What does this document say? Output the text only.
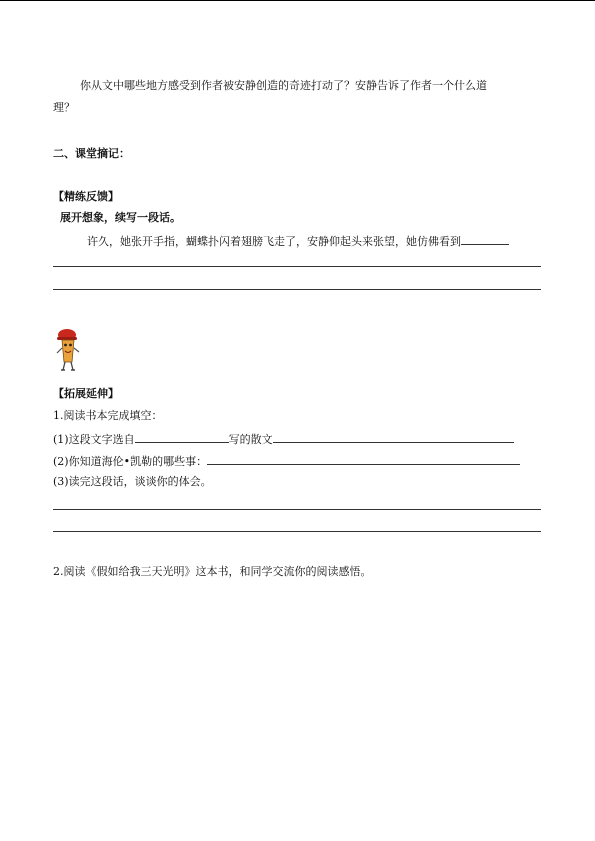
你从文中哪些地方感受到作者被安静创造的奇迹打动了？安静告诉了作者一个什么道
理？
二、课堂摘记：
【精练反馈】
展开想象，续写一段话。
许久，她张开手指，蝴蝶扑闪着翅膀飞走了，安静仰起头来张望，她仿佛看到
【拓展延伸】
1.阅读书本完成填空：
(1)这段文字选自	写的散文
(2)你知道海伦•凯勒的哪些事：
(3)读完这段话，谈谈你的体会。
2.阅读《假如给我三天光明》这本书，和同学交流你的阅读感悟。
